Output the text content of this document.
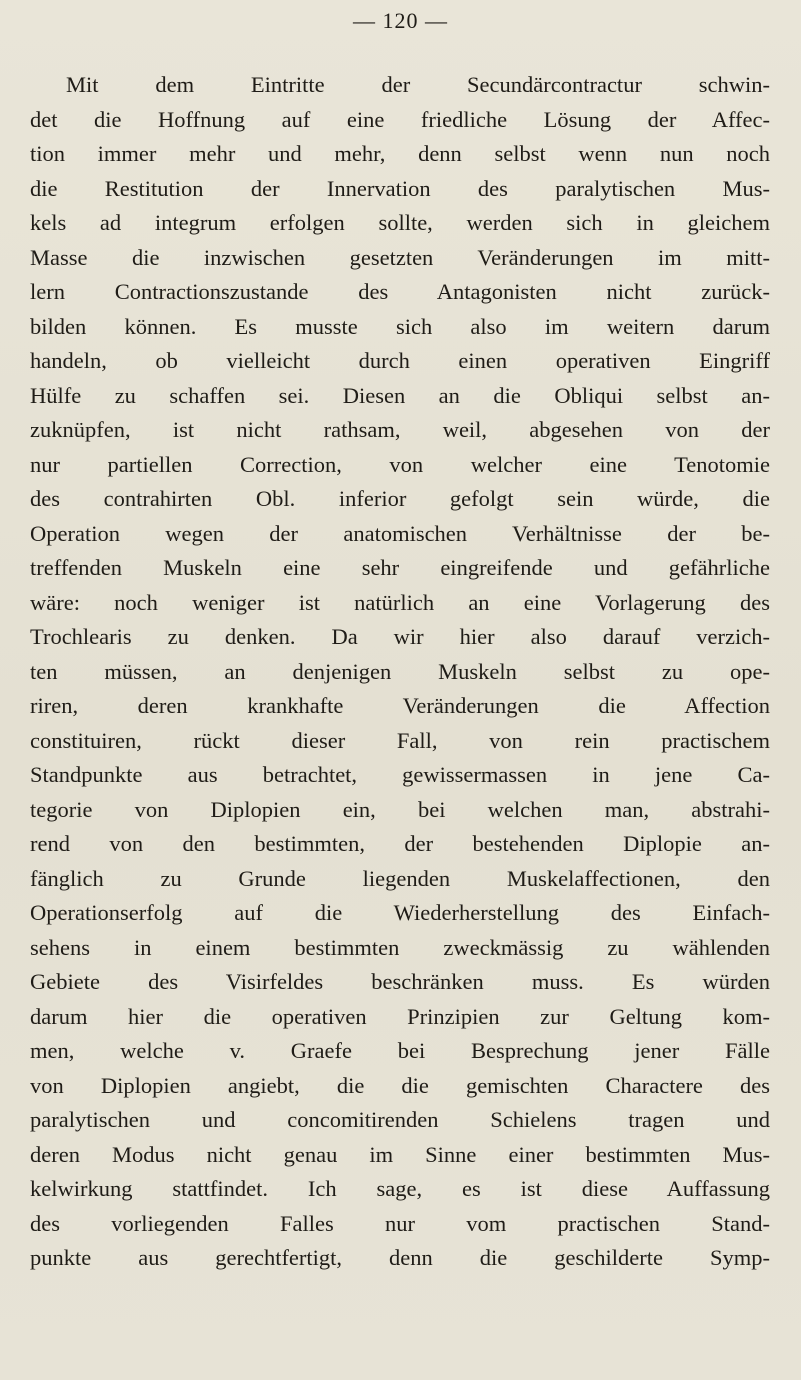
— 120 —
Mit dem Eintritte der Secundärcontractur schwin-
det die Hoffnung auf eine friedliche Lösung der Affec-
tion immer mehr und mehr, denn selbst wenn nun noch
die Restitution der Innervation des paralytischen Mus-
kels ad integrum erfolgen sollte, werden sich in gleichem
Masse die inzwischen gesetzten Veränderungen im mitt-
lern Contractionszustande des Antagonisten nicht zurück-
bilden können. Es musste sich also im weitern darum
handeln, ob vielleicht durch einen operativen Eingriff
Hülfe zu schaffen sei. Diesen an die Obliqui selbst an-
zuknüpfen, ist nicht rathsam, weil, abgesehen von der
nur partiellen Correction, von welcher eine Tenotomie
des contrahirten Obl. inferior gefolgt sein würde, die
Operation wegen der anatomischen Verhältnisse der be-
treffenden Muskeln eine sehr eingreifende und gefährliche
wäre: noch weniger ist natürlich an eine Vorlagerung des
Trochlearis zu denken. Da wir hier also darauf verzich-
ten müssen, an denjenigen Muskeln selbst zu ope-
riren, deren krankhafte Veränderungen die Affection
constituiren, rückt dieser Fall, von rein practischem
Standpunkte aus betrachtet, gewissermassen in jene Ca-
tegorie von Diplopien ein, bei welchen man, abstrahi-
rend von den bestimmten, der bestehenden Diplopie an-
fänglich zu Grunde liegenden Muskelaffectionen, den
Operationserfolg auf die Wiederherstellung des Einfach-
sehens in einem bestimmten zweckmässig zu wählenden
Gebiete des Visirfeldes beschränken muss. Es würden
darum hier die operativen Prinzipien zur Geltung kom-
men, welche v. Graefe bei Besprechung jener Fälle
von Diplopien angiebt, die die gemischten Charactere des
paralytischen und concomitirenden Schielens tragen und
deren Modus nicht genau im Sinne einer bestimmten Mus-
kelwirkung stattfindet. Ich sage, es ist diese Auffassung
des vorliegenden Falles nur vom practischen Stand-
punkte aus gerechtfertigt, denn die geschilderte Symp-
